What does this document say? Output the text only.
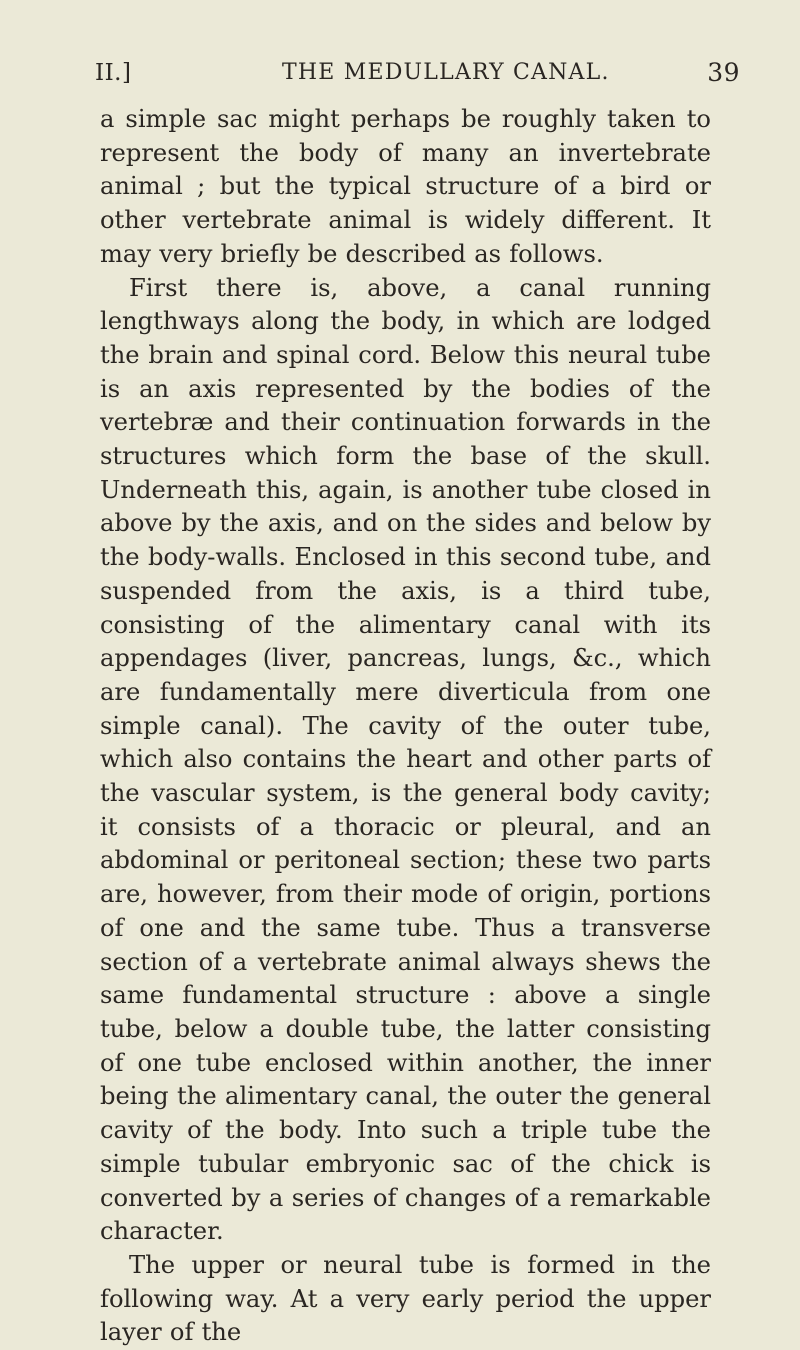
II.]	THE MEDULLARY CANAL.	39

a simple sac might perhaps be roughly taken to represent the body of many an invertebrate animal ; but the typical structure of a bird or other vertebrate animal is widely different. It may very briefly be described as follows.

First there is, above, a canal running lengthways along the body, in which are lodged the brain and spinal cord. Below this neural tube is an axis represented by the bodies of the vertebræ and their continuation forwards in the structures which form the base of the skull. Underneath this, again, is another tube closed in above by the axis, and on the sides and below by the body-walls. Enclosed in this second tube, and suspended from the axis, is a third tube, consisting of the alimentary canal with its appendages (liver, pancreas, lungs, &c., which are fundamentally mere diverticula from one simple canal). The cavity of the outer tube, which also contains the heart and other parts of the vascular system, is the general body cavity; it consists of a thoracic or pleural, and an abdominal or peritoneal section; these two parts are, however, from their mode of origin, portions of one and the same tube. Thus a transverse section of a vertebrate animal always shews the same fundamental structure : above a single tube, below a double tube, the latter consisting of one tube enclosed within another, the inner being the alimentary canal, the outer the general cavity of the body. Into such a triple tube the simple tubular embryonic sac of the chick is converted by a series of changes of a remarkable character.

The upper or neural tube is formed in the following way. At a very early period the upper layer of the
